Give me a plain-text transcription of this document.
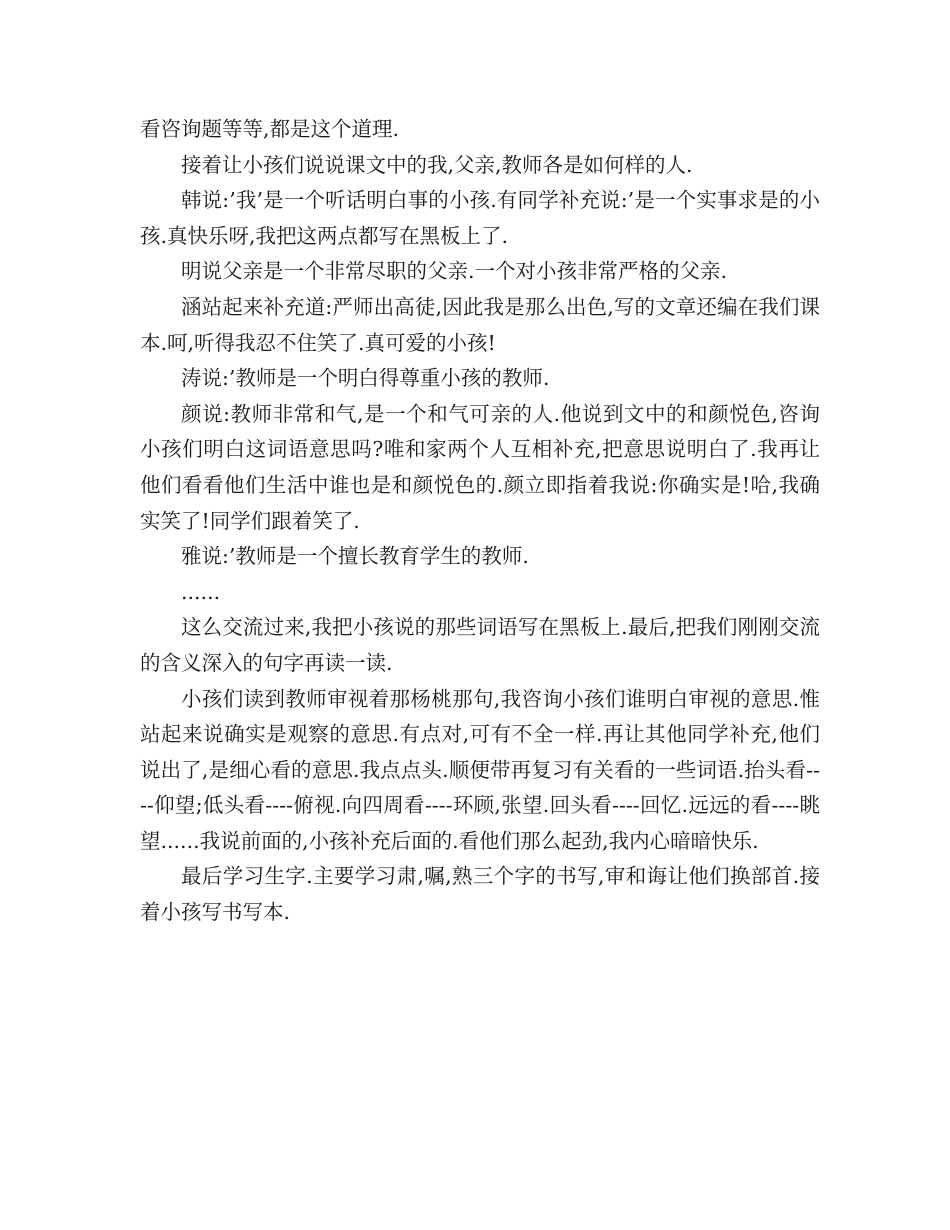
看咨询题等等,都是这个道理.

接着让小孩们说说课文中的我,父亲,教师各是如何样的人.

韩说:’我’是一个听话明白事的小孩.有同学补充说:’是一个实事求是的小孩.真快乐呀,我把这两点都写在黑板上了.

明说父亲是一个非常尽职的父亲.一个对小孩非常严格的父亲.

涵站起来补充道:严师出高徒,因此我是那么出色,写的文章还编在我们课本.呵,听得我忍不住笑了.真可爱的小孩!

涛说:’教师是一个明白得尊重小孩的教师.

颜说:教师非常和气,是一个和气可亲的人.他说到文中的和颜悦色,咨询小孩们明白这词语意思吗?唯和家两个人互相补充,把意思说明白了.我再让他们看看他们生活中谁也是和颜悦色的.颜立即指着我说:你确实是!哈,我确实笑了!同学们跟着笑了.

雅说:’教师是一个擅长教育学生的教师.

......

这么交流过来,我把小孩说的那些词语写在黑板上.最后,把我们刚刚交流的含义深入的句字再读一读.

小孩们读到教师审视着那杨桃那句,我咨询小孩们谁明白审视的意思.惟站起来说确实是观察的意思.有点对,可有不全一样.再让其他同学补充,他们说出了,是细心看的意思.我点点头.顺便带再复习有关看的一些词语.抬头看----仰望;低头看----俯视.向四周看----环顾,张望.回头看----回忆.远远的看----眺望......我说前面的,小孩补充后面的.看他们那么起劲,我内心暗暗快乐.

最后学习生字.主要学习肃,嘱,熟三个字的书写,审和诲让他们换部首.接着小孩写书写本.
